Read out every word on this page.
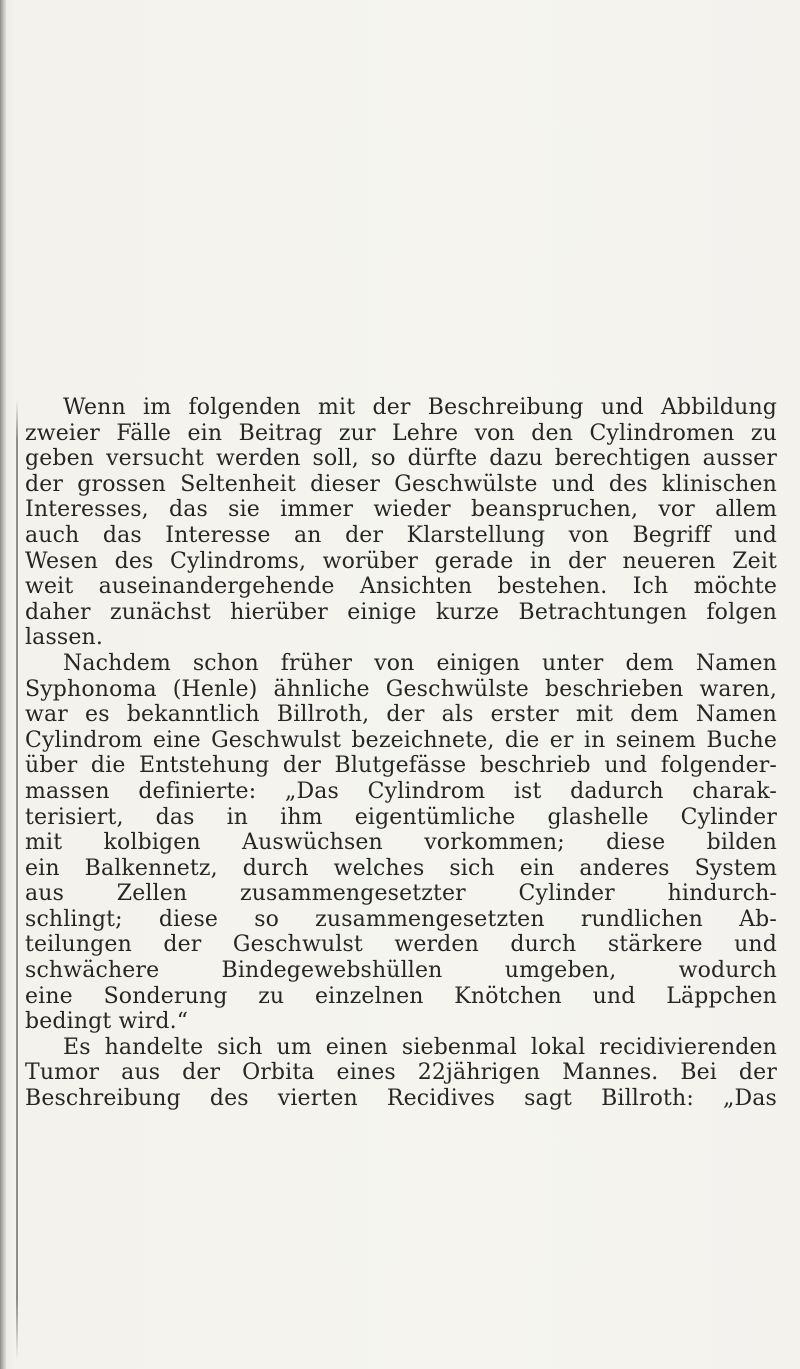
Wenn im folgenden mit der Beschreibung und Abbildung
zweier Fälle ein Beitrag zur Lehre von den Cylindromen zu
geben versucht werden soll, so dürfte dazu berechtigen ausser
der grossen Seltenheit dieser Geschwülste und des klinischen
Interesses, das sie immer wieder beanspruchen, vor allem
auch das Interesse an der Klarstellung von Begriff und
Wesen des Cylindroms, worüber gerade in der neueren Zeit
weit auseinandergehende Ansichten bestehen. Ich möchte
daher zunächst hierüber einige kurze Betrachtungen folgen
lassen.
Nachdem schon früher von einigen unter dem Namen
Syphonoma (Henle) ähnliche Geschwülste beschrieben waren,
war es bekanntlich Billroth, der als erster mit dem Namen
Cylindrom eine Geschwulst bezeichnete, die er in seinem Buche
über die Entstehung der Blutgefässe beschrieb und folgender-
massen definierte: „Das Cylindrom ist dadurch charak-
terisiert, das in ihm eigentümliche glashelle Cylinder
mit kolbigen Auswüchsen vorkommen; diese bilden
ein Balkennetz, durch welches sich ein anderes System
aus Zellen zusammengesetzter Cylinder hindurch-
schlingt; diese so zusammengesetzten rundlichen Ab-
teilungen der Geschwulst werden durch stärkere und
schwächere Bindegewebshüllen umgeben, wodurch
eine Sonderung zu einzelnen Knötchen und Läppchen
bedingt wird.“
Es handelte sich um einen siebenmal lokal recidivierenden
Tumor aus der Orbita eines 22jährigen Mannes. Bei der
Beschreibung des vierten Recidives sagt Billroth: „Das
